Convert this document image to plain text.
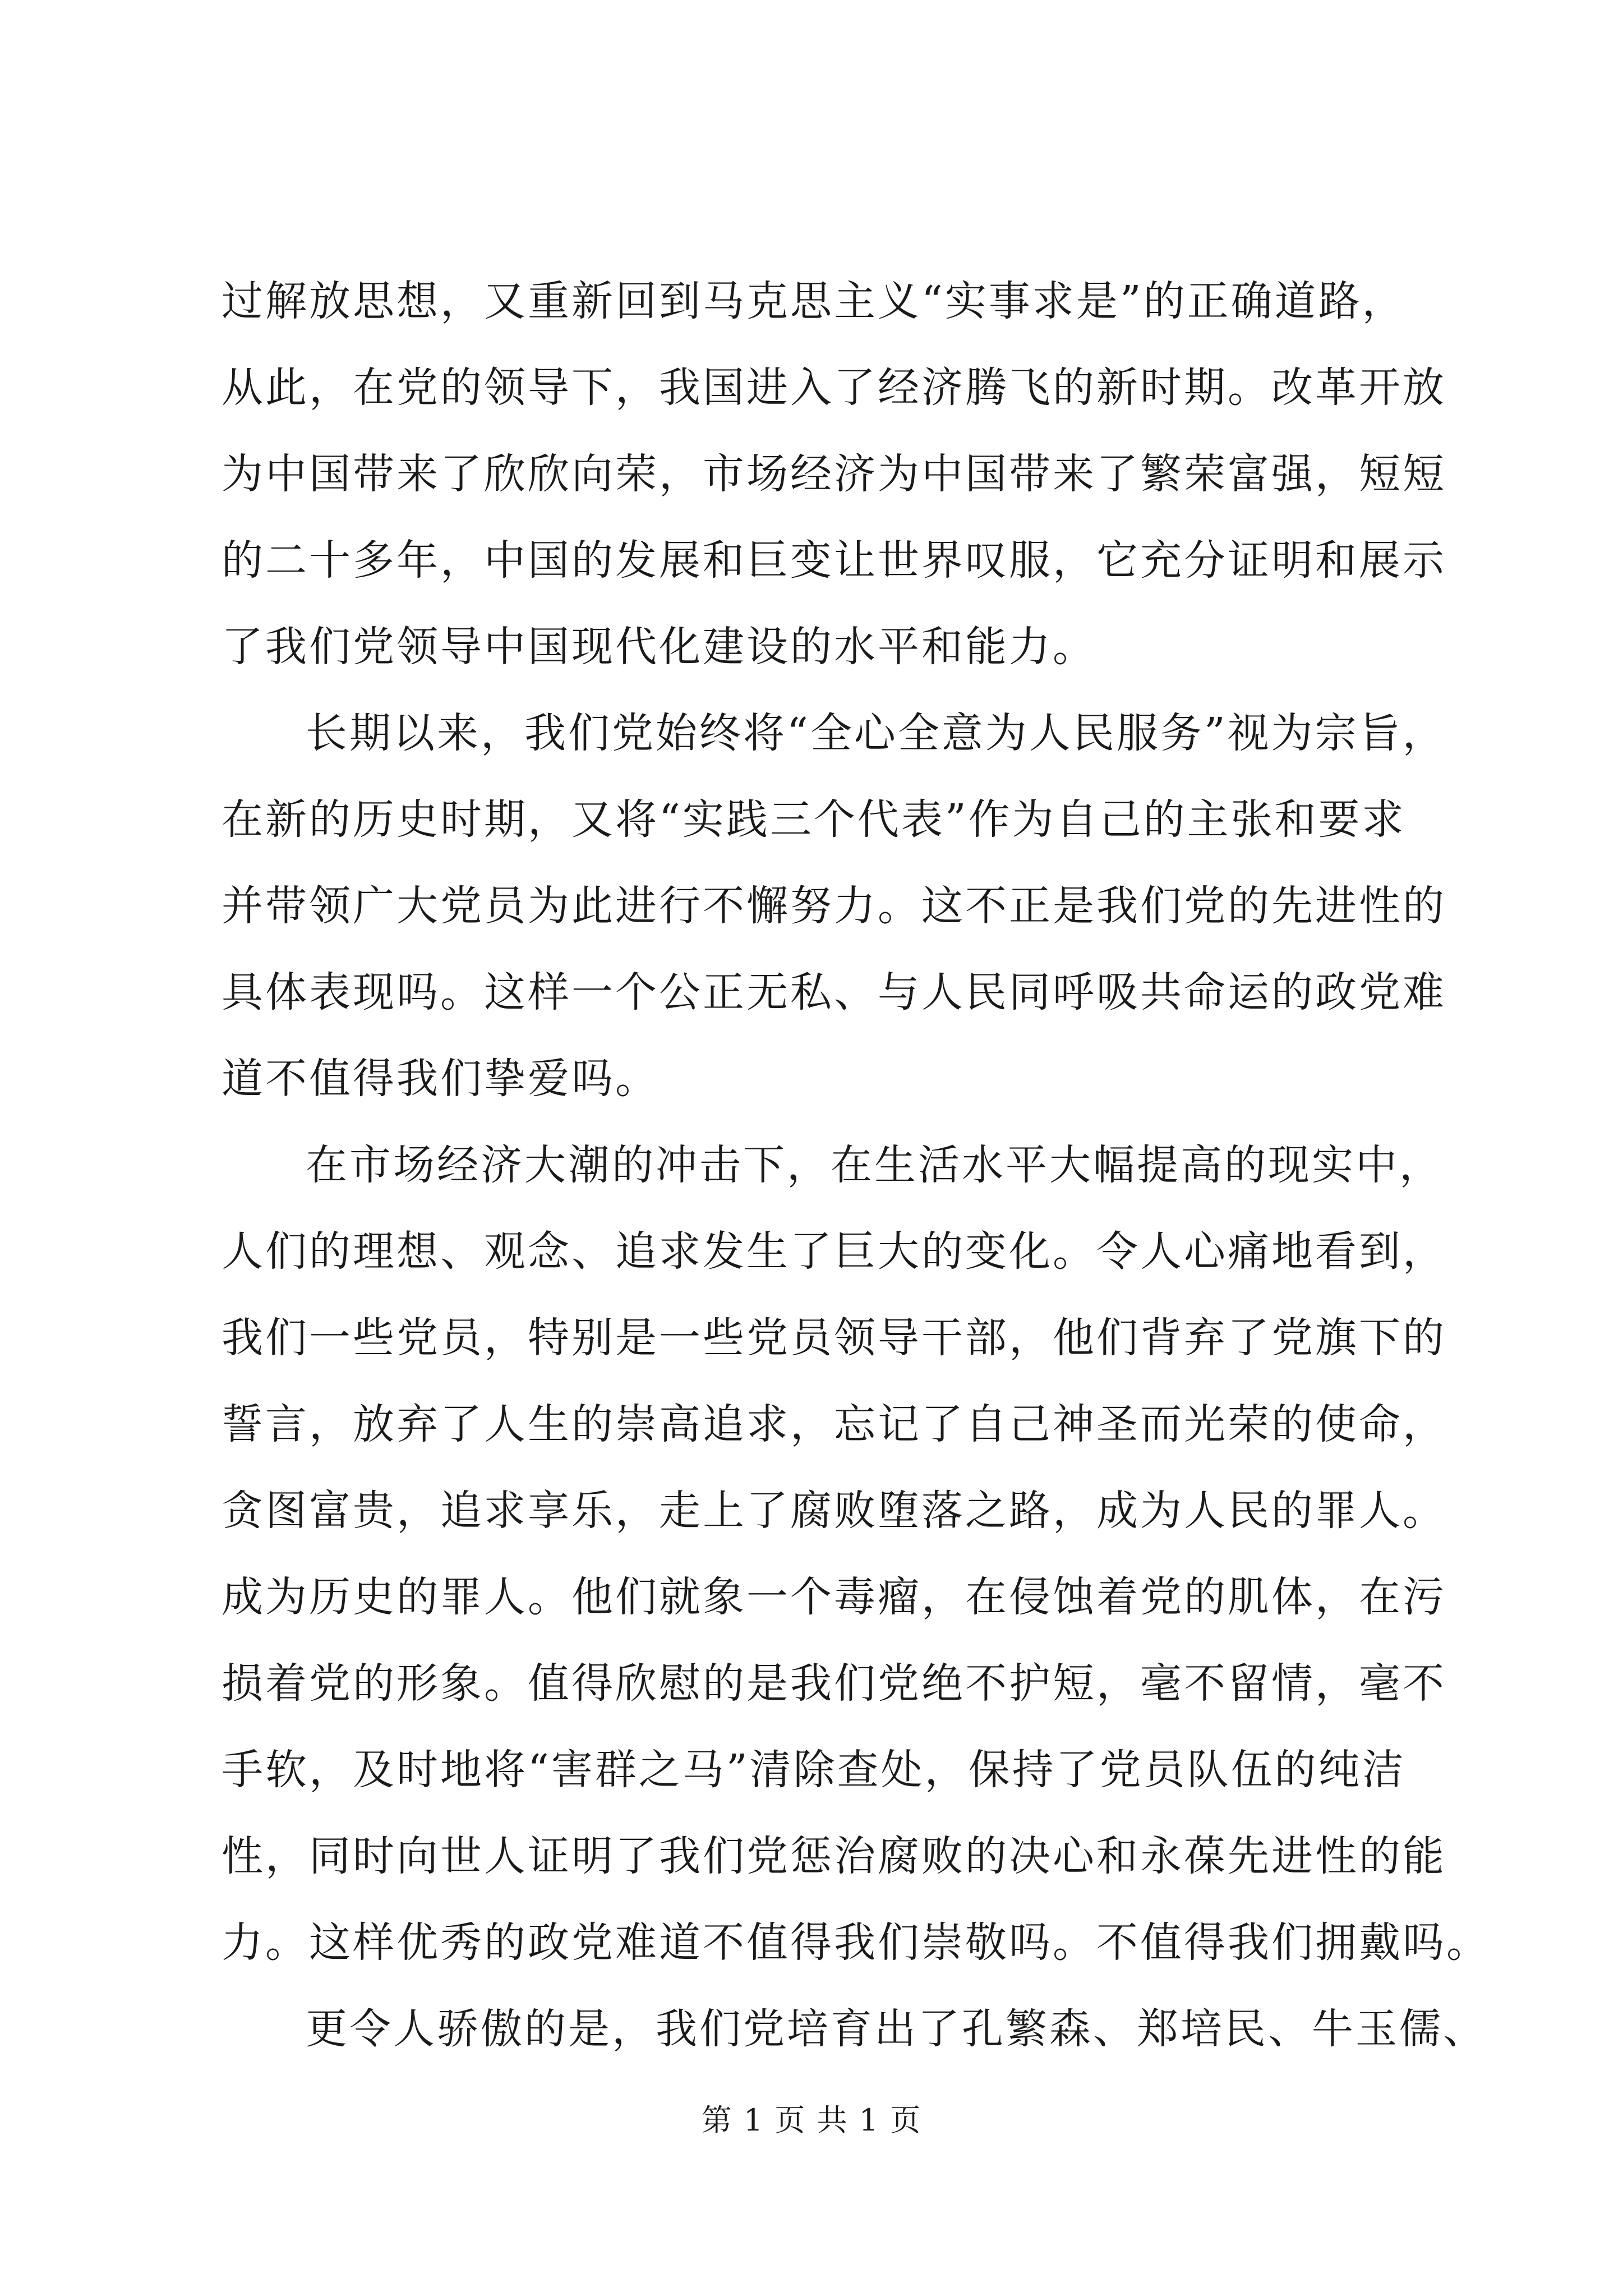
过解放思想，又重新回到马克思主义“实事求是”的正确道路，
从此，在党的领导下，我国进入了经济腾飞的新时期。改革开放
为中国带来了欣欣向荣，市场经济为中国带来了繁荣富强，短短
的二十多年，中国的发展和巨变让世界叹服，它充分证明和展示
了我们党领导中国现代化建设的水平和能力。
长期以来，我们党始终将“全心全意为人民服务”视为宗旨，
在新的历史时期，又将“实践三个代表”作为自己的主张和要求
并带领广大党员为此进行不懈努力。这不正是我们党的先进性的
具体表现吗。这样一个公正无私、与人民同呼吸共命运的政党难
道不值得我们挚爱吗。
在市场经济大潮的冲击下，在生活水平大幅提高的现实中，
人们的理想、观念、追求发生了巨大的变化。令人心痛地看到，
我们一些党员，特别是一些党员领导干部，他们背弃了党旗下的
誓言，放弃了人生的崇高追求，忘记了自己神圣而光荣的使命，
贪图富贵，追求享乐，走上了腐败堕落之路，成为人民的罪人。
成为历史的罪人。他们就象一个毒瘤，在侵蚀着党的肌体，在污
损着党的形象。值得欣慰的是我们党绝不护短，毫不留情，毫不
手软，及时地将“害群之马”清除查处，保持了党员队伍的纯洁
性，同时向世人证明了我们党惩治腐败的决心和永葆先进性的能
力。这样优秀的政党难道不值得我们崇敬吗。不值得我们拥戴吗。
更令人骄傲的是，我们党培育出了孔繁森、郑培民、牛玉儒、
第 1 页 共 1 页
